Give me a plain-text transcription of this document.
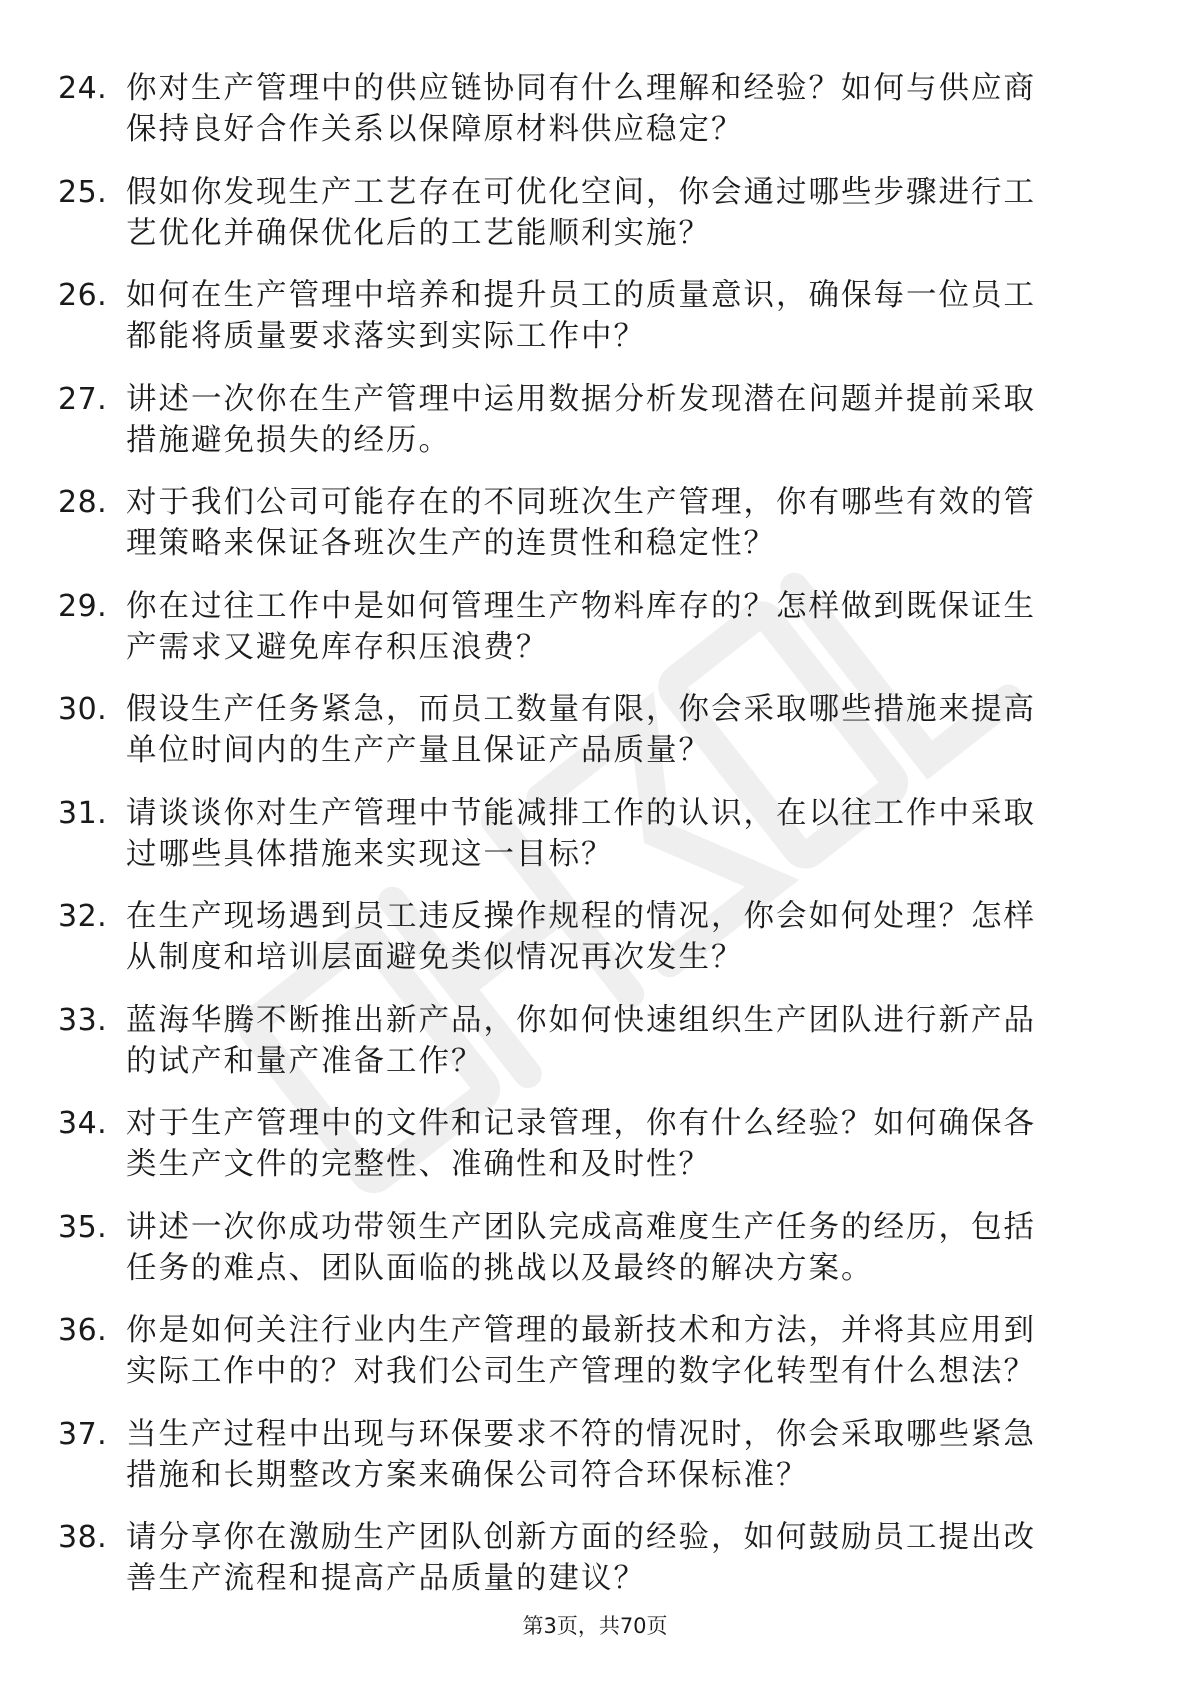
24. 你对生产管理中的供应链协同有什么理解和经验？如何与供应商
保持良好合作关系以保障原材料供应稳定？
25. 假如你发现生产工艺存在可优化空间，你会通过哪些步骤进行工
艺优化并确保优化后的工艺能顺利实施？
26. 如何在生产管理中培养和提升员工的质量意识，确保每一位员工
都能将质量要求落实到实际工作中？
27. 讲述一次你在生产管理中运用数据分析发现潜在问题并提前采取
措施避免损失的经历。
28. 对于我们公司可能存在的不同班次生产管理，你有哪些有效的管
理策略来保证各班次生产的连贯性和稳定性？
29. 你在过往工作中是如何管理生产物料库存的？怎样做到既保证生
产需求又避免库存积压浪费？
30. 假设生产任务紧急，而员工数量有限，你会采取哪些措施来提高
单位时间内的生产产量且保证产品质量？
31. 请谈谈你对生产管理中节能减排工作的认识，在以往工作中采取
过哪些具体措施来实现这一目标？
32. 在生产现场遇到员工违反操作规程的情况，你会如何处理？怎样
从制度和培训层面避免类似情况再次发生？
33. 蓝海华腾不断推出新产品，你如何快速组织生产团队进行新产品
的试产和量产准备工作？
34. 对于生产管理中的文件和记录管理，你有什么经验？如何确保各
类生产文件的完整性、准确性和及时性？
35. 讲述一次你成功带领生产团队完成高难度生产任务的经历，包括
任务的难点、团队面临的挑战以及最终的解决方案。
36. 你是如何关注行业内生产管理的最新技术和方法，并将其应用到
实际工作中的？对我们公司生产管理的数字化转型有什么想法？
37. 当生产过程中出现与环保要求不符的情况时，你会采取哪些紧急
措施和长期整改方案来确保公司符合环保标准？
38. 请分享你在激励生产团队创新方面的经验，如何鼓励员工提出改
善生产流程和提高产品质量的建议？
第3页，共70页
